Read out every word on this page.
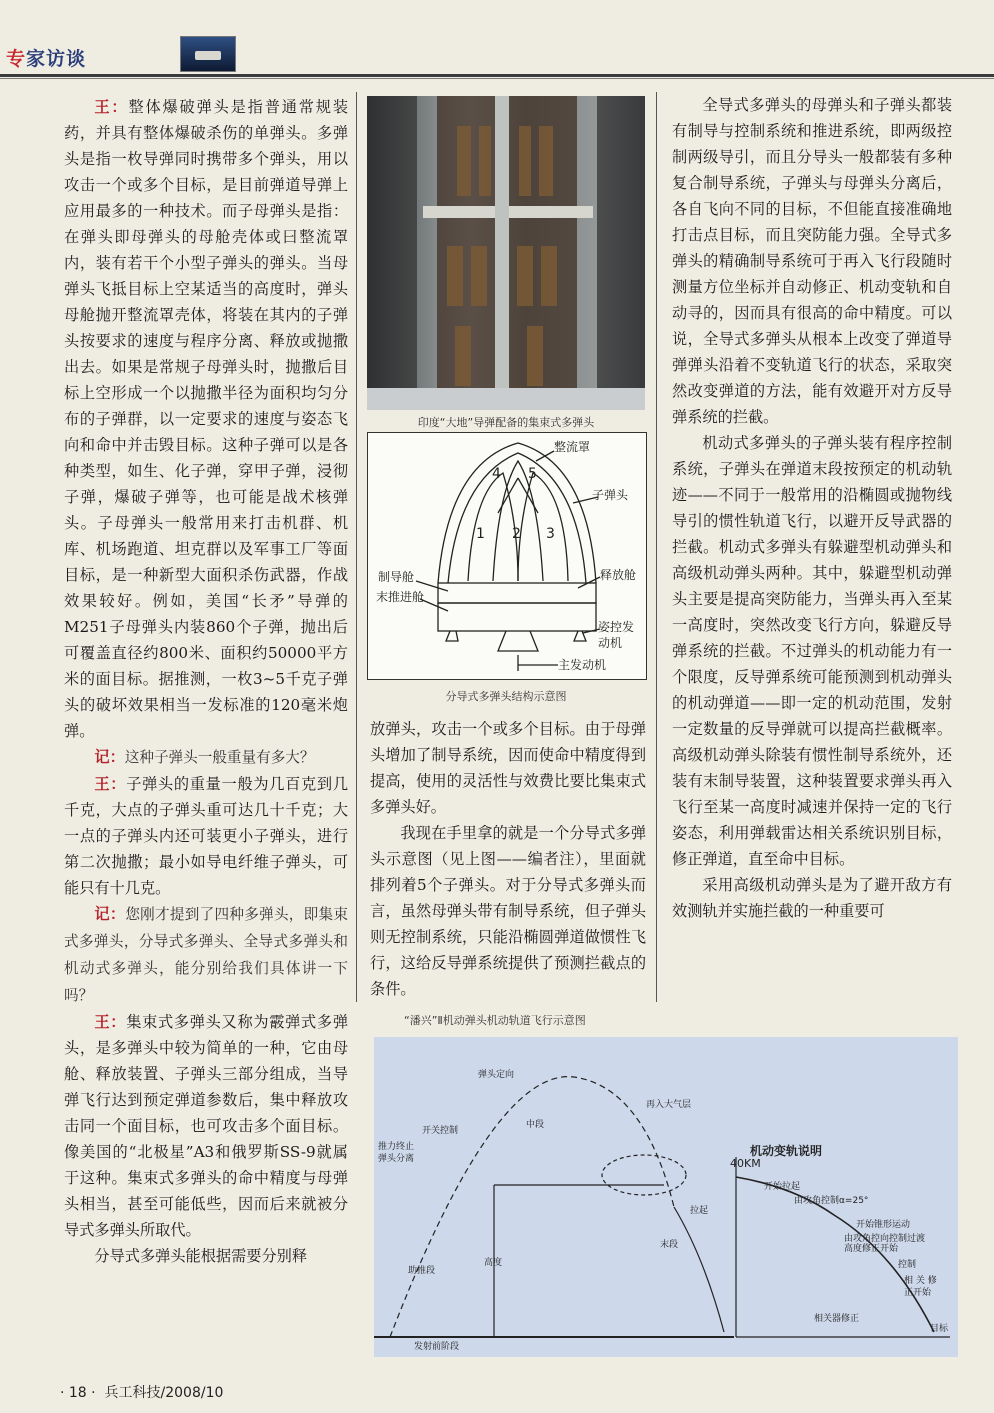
专家访谈

王：整体爆破弹头是指普通常规装药，并具有整体爆破杀伤的单弹头。多弹头是指一枚导弹同时携带多个弹头，用以攻击一个或多个目标，是目前弹道导弹上应用最多的一种技术。而子母弹头是指：在弹头即母弹头的母舱壳体或曰整流罩内，装有若干个小型子弹头的弹头。当母弹头飞抵目标上空某适当的高度时，弹头母舱抛开整流罩壳体，将装在其内的子弹头按要求的速度与程序分离、释放或抛撒出去。如果是常规子母弹头时，抛撒后目标上空形成一个以抛撒半径为面积均匀分布的子弹群，以一定要求的速度与姿态飞向和命中并击毁目标。这种子弹可以是各种类型，如生、化子弹，穿甲子弹，浸彻子弹，爆破子弹等，也可能是战术核弹头。子母弹头一般常用来打击机群、机库、机场跑道、坦克群以及军事工厂等面目标，是一种新型大面积杀伤武器，作战效果较好。例如，美国“长矛”导弹的M251子母弹头内装860个子弹，抛出后可覆盖直径约800米、面积约50000平方米的面目标。据推测，一枚3~5千克子弹头的破坏效果相当一发标准的120毫米炮弹。

记：这种子弹头一般重量有多大？

王：子弹头的重量一般为几百克到几千克，大点的子弹头重可达几十千克；大一点的子弹头内还可装更小子弹头，进行第二次抛撒；最小如导电纤维子弹头，可能只有十几克。

记：您刚才提到了四种多弹头，即集束式多弹头，分导式多弹头、全导式多弹头和机动式多弹头，能分别给我们具体讲一下吗？

王：集束式多弹头又称为霰弹式多弹头，是多弹头中较为简单的一种，它由母舱、释放装置、子弹头三部分组成，当导弹飞行达到预定弹道参数后，集中释放攻击同一个面目标，也可攻击多个面目标。像美国的“北极星”A3和俄罗斯SS-9就属于这种。集束式多弹头的命中精度与母弹头相当，甚至可能低些，因而后来就被分导式多弹头所取代。

分导式多弹头能根据需要分别释

印度“大地”导弹配备的集束式多弹头
整流罩
子弹头
制导舱	释放舱
末推进舱
姿控发
动机
主发动机
1 2 3
4 5
分导式多弹头结构示意图

放弹头，攻击一个或多个目标。由于母弹头增加了制导系统，因而使命中精度得到提高，使用的灵活性与效费比要比集束式多弹头好。

我现在手里拿的就是一个分导式多弹头示意图（见上图——编者注），里面就排列着5个子弹头。对于分导式多弹头而言，虽然母弹头带有制导系统，但子弹头则无控制系统，只能沿椭圆弹道做惯性飞行，这给反导弹系统提供了预测拦截点的条件。

全导式多弹头的母弹头和子弹头都装有制导与控制系统和推进系统，即两级控制两级导引，而且分导头一般都装有多种复合制导系统，子弹头与母弹头分离后，各自飞向不同的目标，不但能直接准确地打击点目标，而且突防能力强。全导式多弹头的精确制导系统可于再入飞行段随时测量方位坐标并自动修正、机动变轨和自动寻的，因而具有很高的命中精度。可以说，全导式多弹头从根本上改变了弹道导弹弹头沿着不变轨道飞行的状态，采取突然改变弹道的方法，能有效避开对方反导弹系统的拦截。

机动式多弹头的子弹头装有程序控制系统，子弹头在弹道末段按预定的机动轨迹——不同于一般常用的沿椭圆或抛物线导引的惯性轨道飞行，以避开反导武器的拦截。机动式多弹头有躲避型机动弹头和高级机动弹头两种。其中，躲避型机动弹头主要是提高突防能力，当弹头再入至某一高度时，突然改变飞行方向，躲避反导弹系统的拦截。不过弹头的机动能力有一个限度，反导弹系统可能预测到机动弹头的机动弹道——即一定的机动范围，发射一定数量的反导弹就可以提高拦截概率。高级机动弹头除装有惯性制导系统外，还装有末制导装置，这种装置要求弹头再入飞行至某一高度时减速并保持一定的飞行姿态，利用弹载雷达相关系统识别目标，修正弹道，直至命中目标。

采用高级机动弹头是为了避开敌方有效测轨并实施拦截的一种重要可

“潘兴”Ⅱ机动弹头机动轨道飞行示意图
弹头定向
开关控制
中段
再入大气层
推力终止
弹头分离
拉起
高度
末段
助推段
发射前阶段
40KM
机动变轨说明
开始拉起
由攻角控制α=25°
开始锥形运动
由攻角控向控制过渡
高度修正开始
控制
相 关 修
正开始
相关器修正
目标
· 18 · 兵工科技/2008/10
